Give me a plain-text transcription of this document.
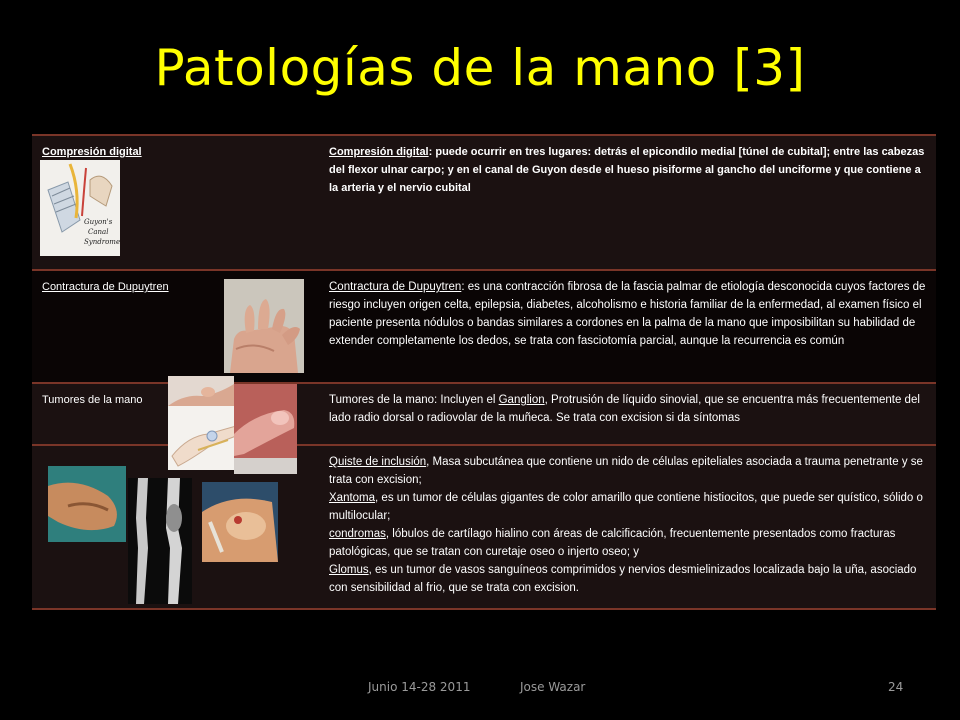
Patologías de la mano [3]
Compresión digital
Guyon's
Canal
Syndrome
Compresión digital: puede ocurrir en tres lugares: detrás el epicondilo medial [túnel de cubital]; entre las cabezas del flexor ulnar carpo; y en el canal de Guyon desde el hueso pisiforme al gancho del unciforme y que contiene a la arteria y el nervio cubital
Contractura de Dupuytren	Contractura de Dupuytren: es una contracción fibrosa de la fascia palmar de etiología desconocida cuyos factores de riesgo incluyen origen celta, epilepsia, diabetes, alcoholismo e historia familiar de la enfermedad, al examen físico el paciente presenta nódulos o bandas similares a cordones en la palma de la mano que imposibilitan su habilidad de extender completamente los dedos, se trata con fasciotomía parcial, aunque la recurrencia es común
Tumores de la mano	Tumores de la mano: Incluyen el Ganglion, Protrusión de líquido sinovial, que se encuentra más frecuentemente del lado radio dorsal o radiovolar de la muñeca. Se trata con excision si da síntomas
Quiste de inclusión, Masa subcutánea que contiene un nido de células epiteliales asociada a trauma penetrante y se trata con excision;
Xantoma, es un tumor de células gigantes de color amarillo que contiene histiocitos, que puede ser quístico, sólido o multilocular;
condromas, lóbulos de cartílago hialino con áreas de calcificación, frecuentemente presentados como fracturas patológicas, que se tratan con curetaje oseo o injerto oseo; y
Glomus, es un tumor de vasos sanguíneos comprimidos y nervios desmielinizados localizada bajo la uña, asociado con sensibilidad al frio, que se trata con excision.
Junio 14-28 2011	Jose Wazar	24
